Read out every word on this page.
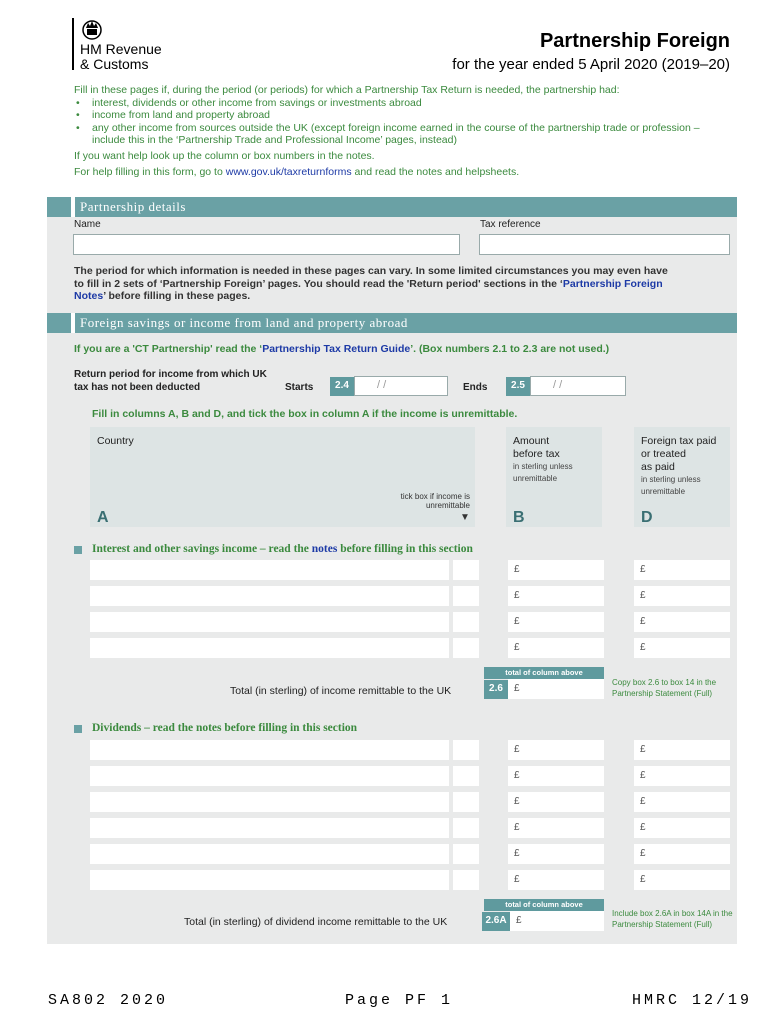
HM Revenue
& Customs
Partnership Foreign
for the year ended 5 April 2020 (2019–20)

Fill in these pages if, during the period (or periods) for which a Partnership Tax Return is needed, the partnership had:

• interest, dividends or other income from savings or investments abroad
• income from land and property abroad
• any other income from sources outside the UK (except foreign income earned in the course of the partnership trade or profession – include this in the ‘Partnership Trade and Professional Income’ pages, instead)

If you want help look up the column or box numbers in the notes.

For help filling in this form, go to www.gov.uk/taxreturnforms and read the notes and helpsheets.

Partnership details
Name	Tax reference
The period for which information is needed in these pages can vary. In some limited circumstances you may even have to fill in 2 sets of ‘Partnership Foreign’ pages. You should read the 'Return period' sections in the ‘Partnership Foreign Notes’ before filling in these pages.
Foreign savings or income from land and property abroad
If you are a 'CT Partnership' read the ‘Partnership Tax Return Guide’. (Box numbers 2.1 to 2.3 are not used.)
Return period for income from which UK tax has not been deducted	Starts	2.4	/ /	Ends	2.5	/ /
Fill in columns A, B and D, and tick the box in column A if the income is unremittable.
Country
tick box if income is unremittable
▼
A
Amount
before tax
in sterling unless
unremittable
B
Foreign tax paid
or treated
as paid
in sterling unless
unremittable
D
Interest and other savings income – read the notes before filling in this section
£	£
£	£
£	£
£	£
total of column above
Total (in sterling) of income remittable to the UK	2.6	£
Copy box 2.6 to box 14 in the Partnership Statement (Full)
Dividends – read the notes before filling in this section
£	£
£	£
£	£
£	£
£	£
£	£
total of column above
Total (in sterling) of dividend income remittable to the UK	2.6A £
Include box 2.6A in box 14A in the Partnership Statement (Full)
SA802 2020	Page PF 1	HMRC 12/19
